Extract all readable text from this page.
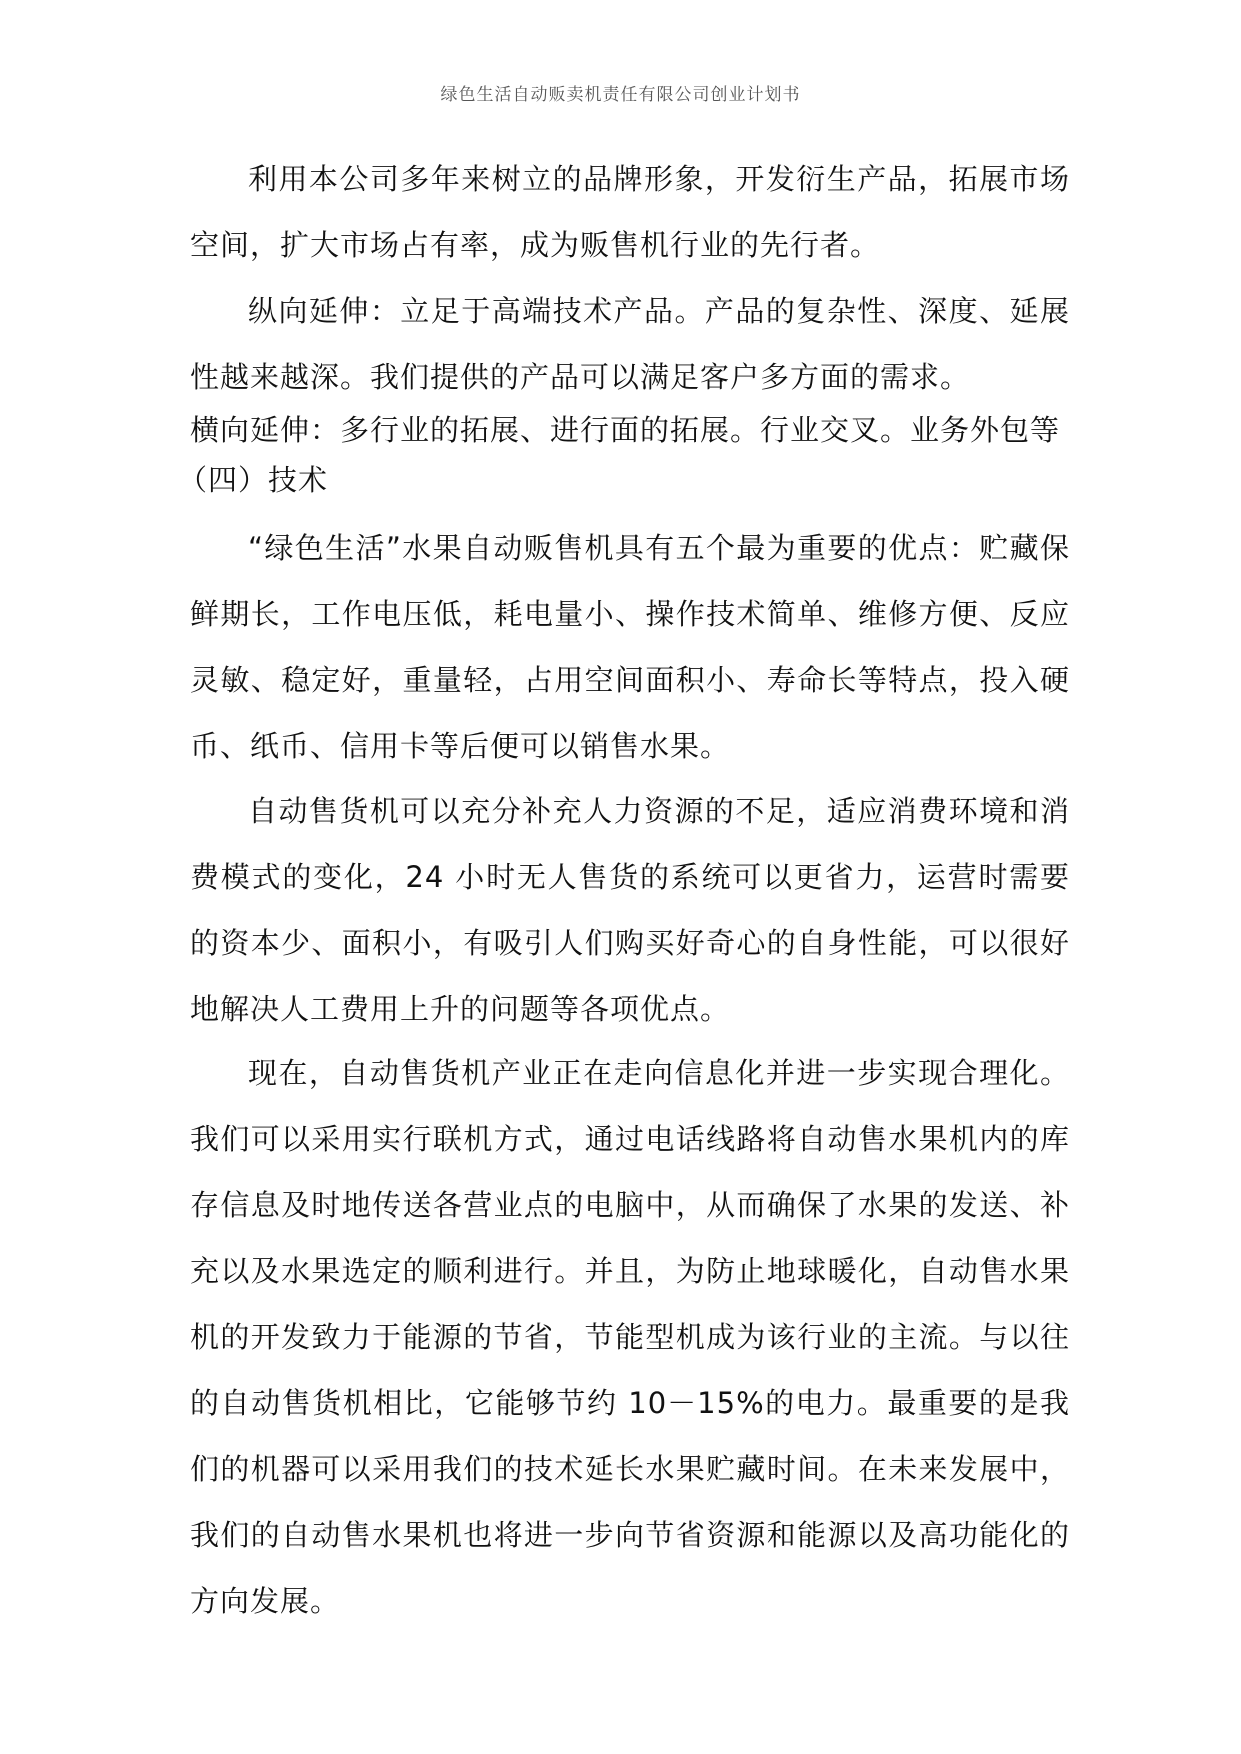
绿色生活自动贩卖机责任有限公司创业计划书

利用本公司多年来树立的品牌形象，开发衍生产品，拓展市场空间，扩大市场占有率，成为贩售机行业的先行者。

纵向延伸：立足于高端技术产品。产品的复杂性、深度、延展性越来越深。我们提供的产品可以满足客户多方面的需求。

横向延伸：多行业的拓展、进行面的拓展。行业交叉。业务外包等
（四）技术

“绿色生活”水果自动贩售机具有五个最为重要的优点：贮藏保鲜期长，工作电压低，耗电量小、操作技术简单、维修方便、反应灵敏、稳定好，重量轻，占用空间面积小、寿命长等特点，投入硬币、纸币、信用卡等后便可以销售水果。

自动售货机可以充分补充人力资源的不足，适应消费环境和消费模式的变化，24 小时无人售货的系统可以更省力，运营时需要的资本少、面积小，有吸引人们购买好奇心的自身性能，可以很好地解决人工费用上升的问题等各项优点。

现在，自动售货机产业正在走向信息化并进一步实现合理化。我们可以采用实行联机方式，通过电话线路将自动售水果机内的库存信息及时地传送各营业点的电脑中，从而确保了水果的发送、补充以及水果选定的顺利进行。并且，为防止地球暖化，自动售水果机的开发致力于能源的节省，节能型机成为该行业的主流。与以往的自动售货机相比，它能够节约 10－15%的电力。最重要的是我们的机器可以采用我们的技术延长水果贮藏时间。在未来发展中，我们的自动售水果机也将进一步向节省资源和能源以及高功能化的方向发展。
